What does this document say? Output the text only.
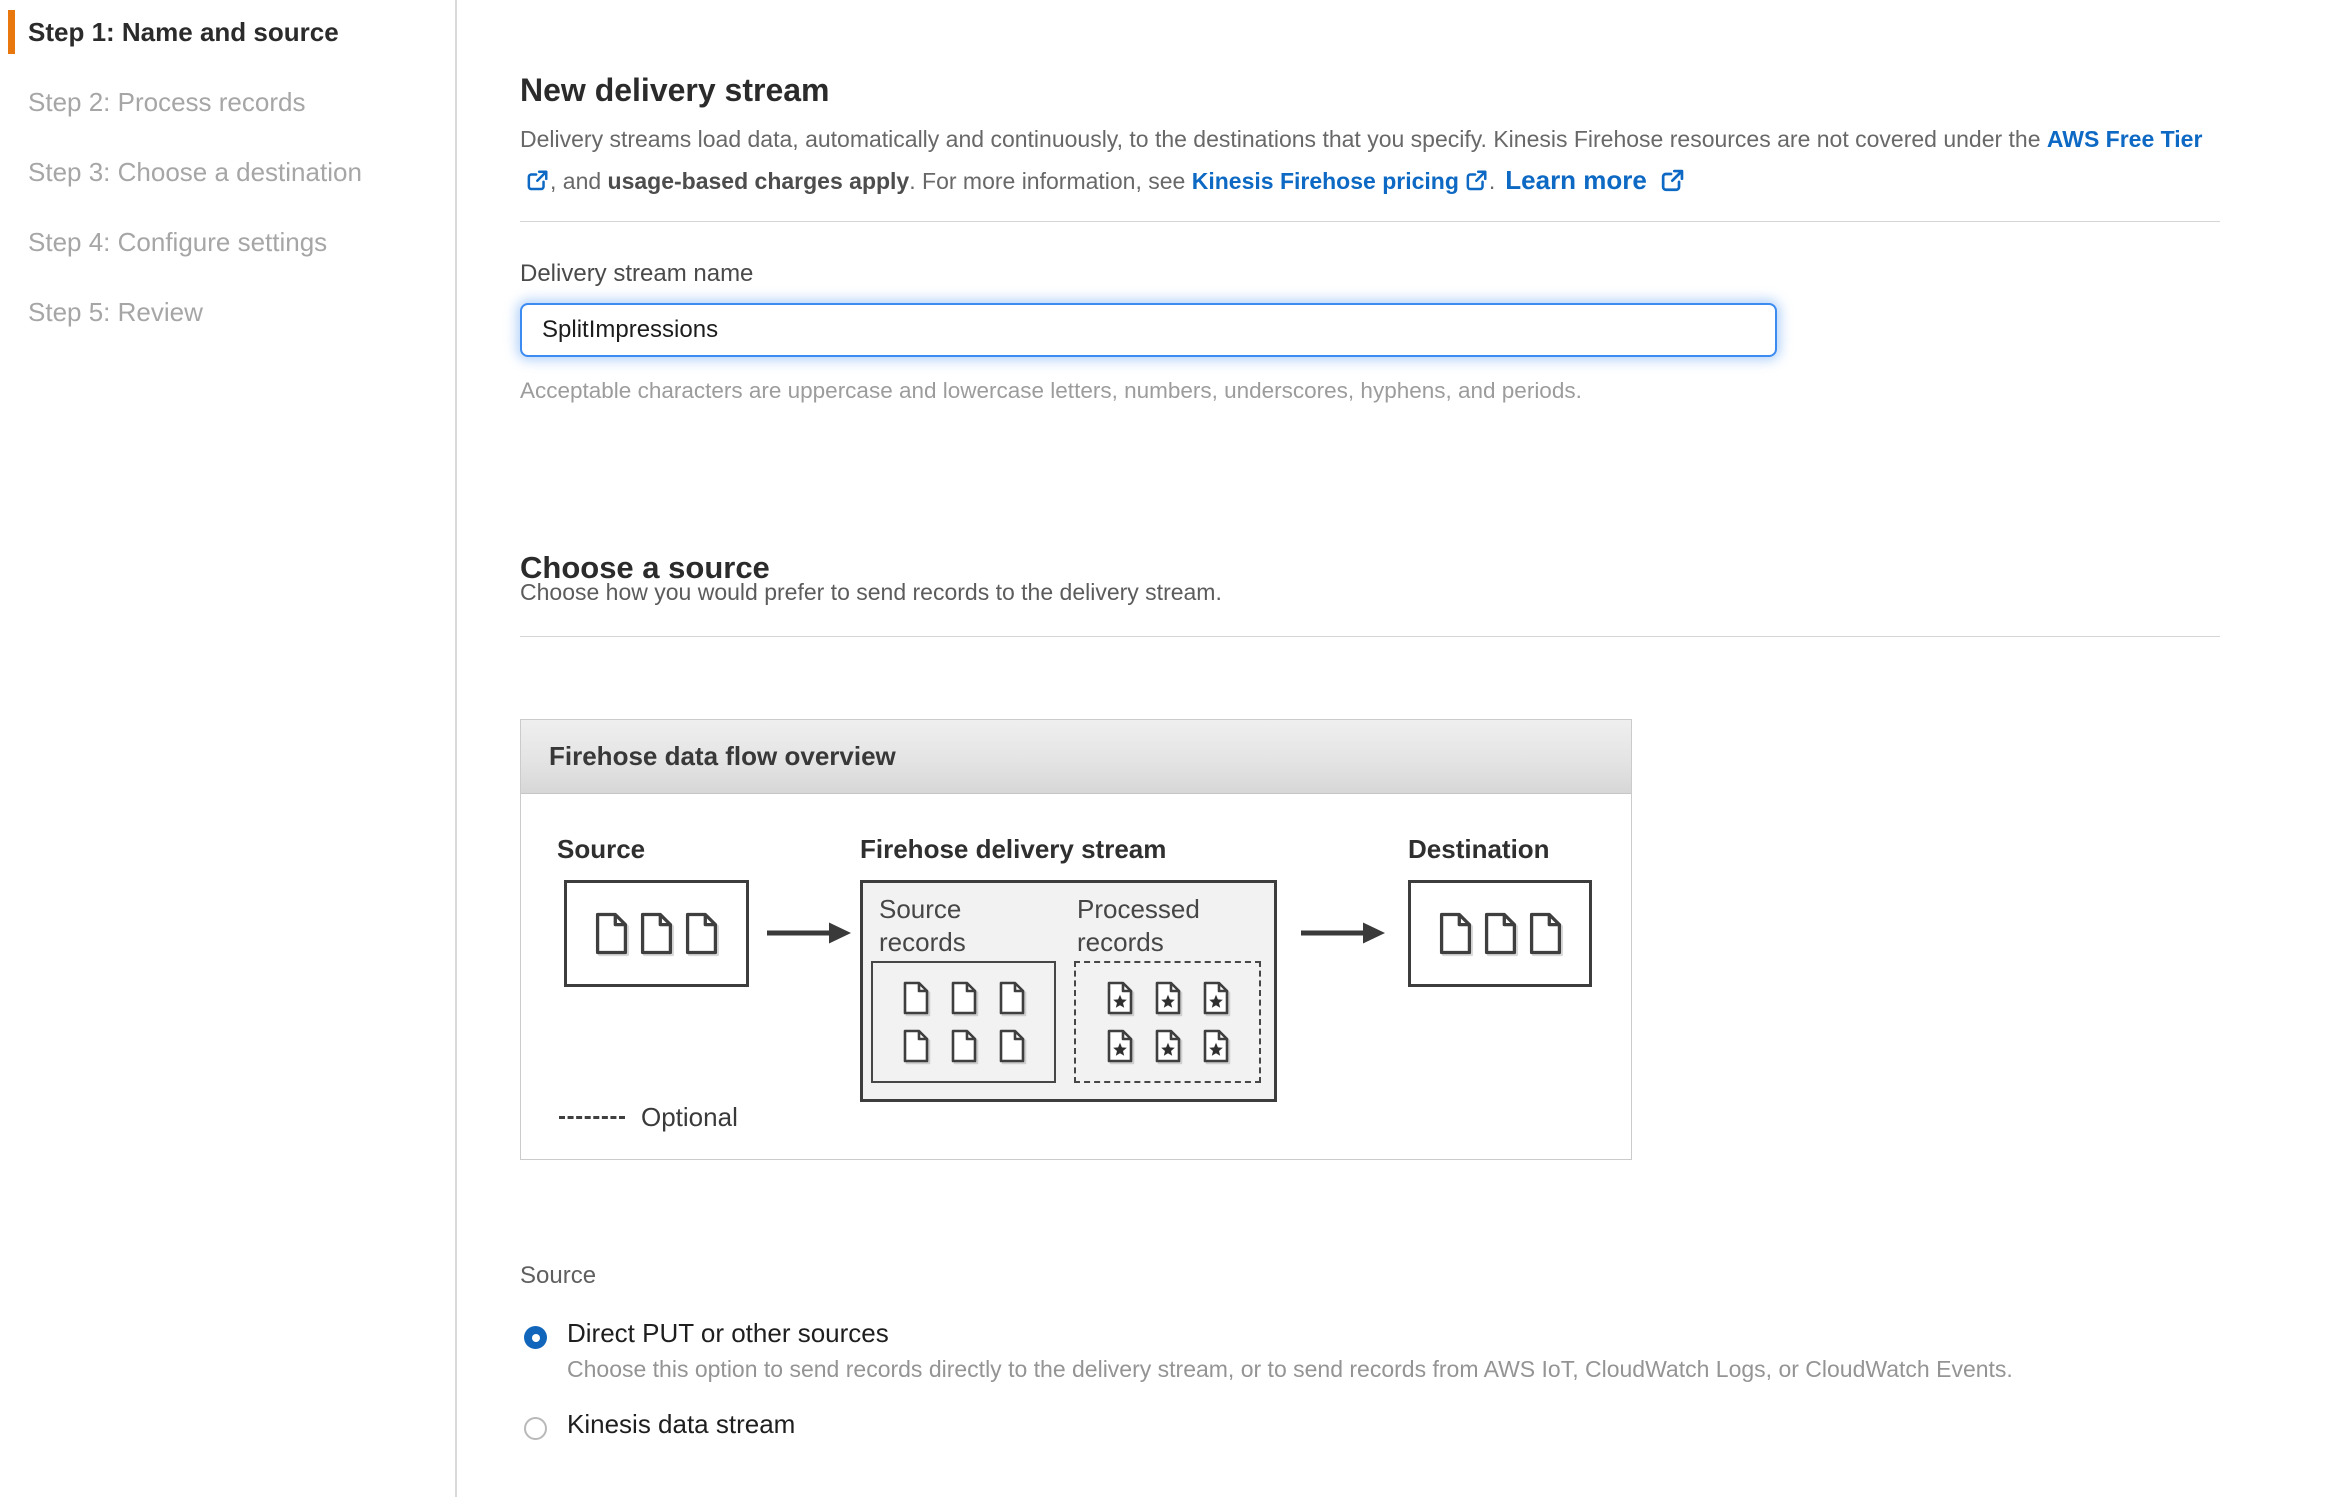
Step 1: Name and source
Step 2: Process records
Step 3: Choose a destination
Step 4: Configure settings
Step 5: Review
New delivery stream

Delivery streams load data, automatically and continuously, to the destinations that you specify. Kinesis Firehose resources are not covered under the AWS Free Tier, and usage-based charges apply. For more information, see Kinesis Firehose pricing . Learn more

Delivery stream name
SplitImpressions
Acceptable characters are uppercase and lowercase letters, numbers, underscores, hyphens, and periods.
Choose a source
Choose how you would prefer to send records to the delivery stream.
Firehose data flow overview
Source	Firehose delivery stream	Destination
Source records
Processed records
Optional
Source
Direct PUT or other sources
Choose this option to send records directly to the delivery stream, or to send records from AWS IoT, CloudWatch Logs, or CloudWatch Events.
Kinesis data stream
